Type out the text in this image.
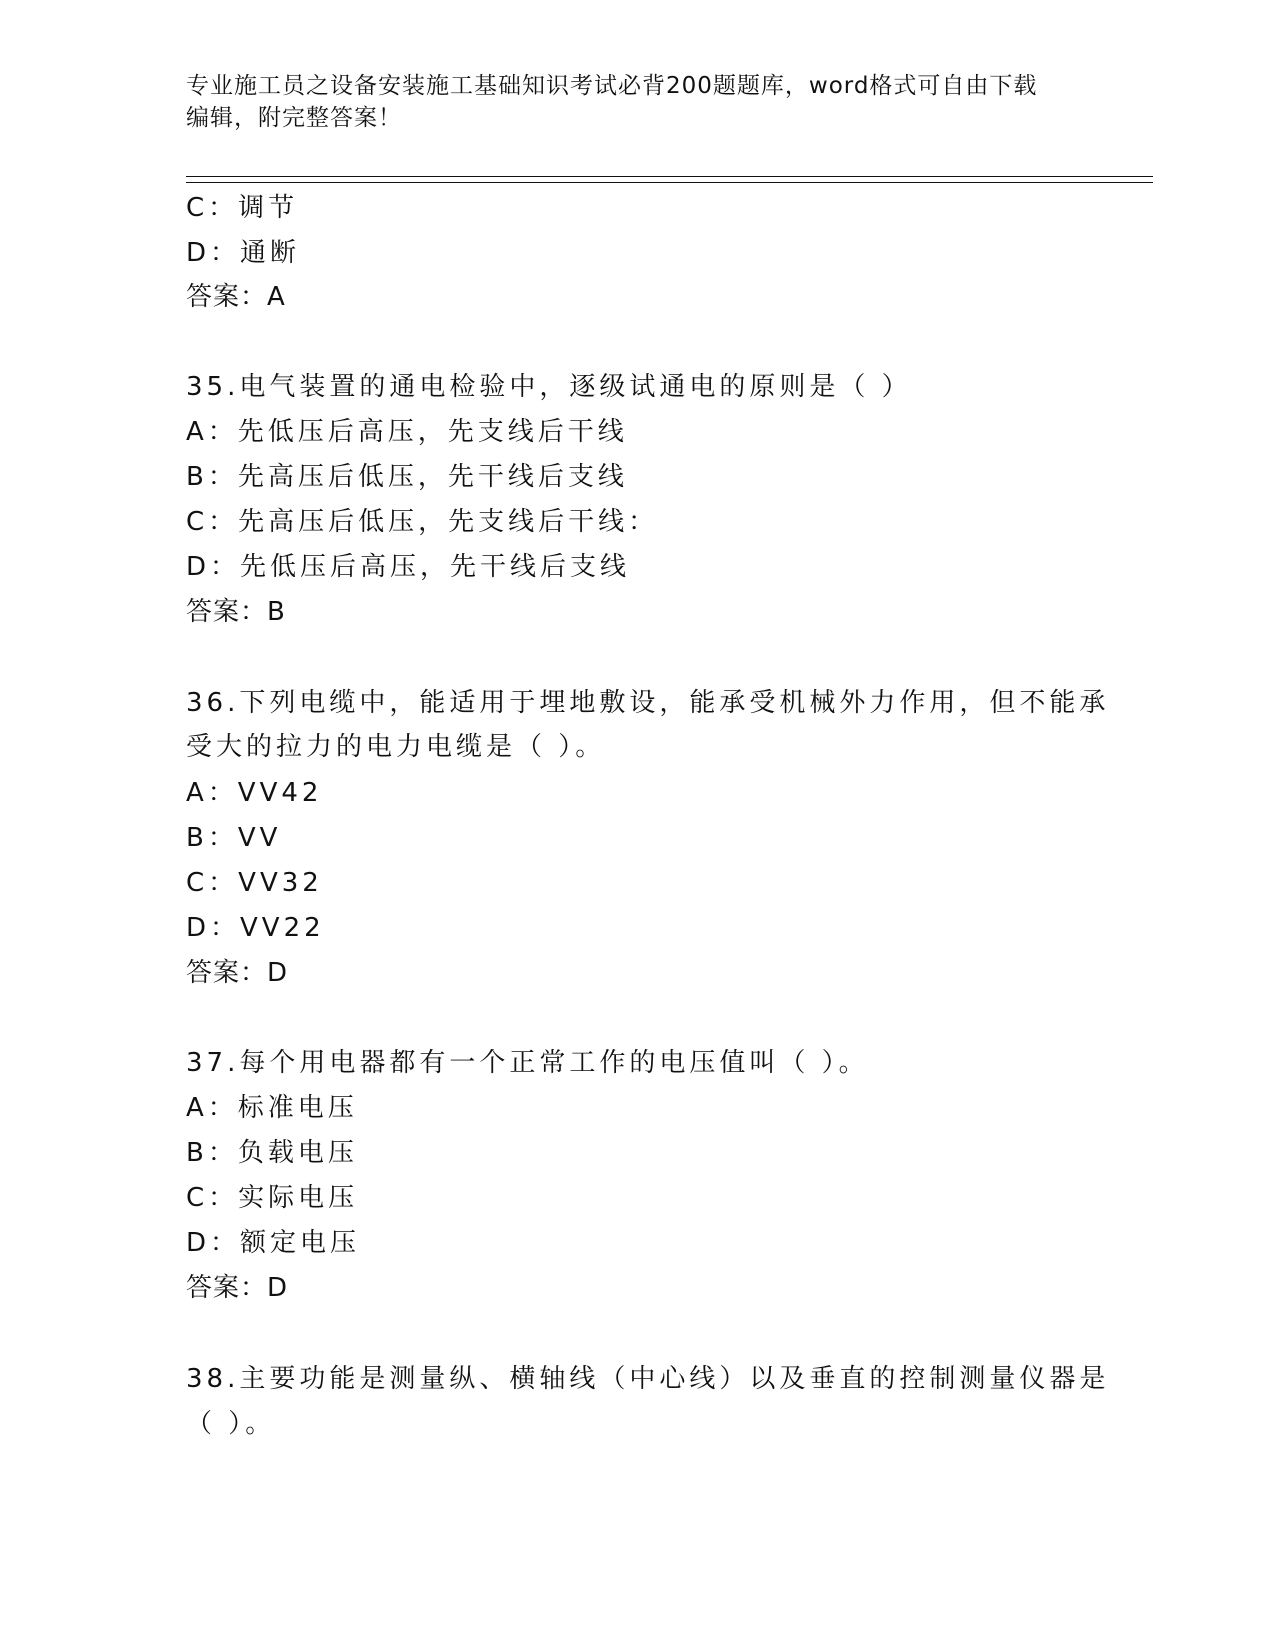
专业施工员之设备安装施工基础知识考试必背200题题库，word格式可自由下载
编辑，附完整答案！
C：调节
D：通断
答案：A
35.电气装置的通电检验中，逐级试通电的原则是（ ）
A：先低压后高压，先支线后干线
B：先高压后低压，先干线后支线
C：先高压后低压，先支线后干线：
D：先低压后高压，先干线后支线
答案：B
36.下列电缆中，能适用于埋地敷设，能承受机械外力作用，但不能承
受大的拉力的电力电缆是（ ）。
A：VV42
B：VV
C：VV32
D：VV22
答案：D
37.每个用电器都有一个正常工作的电压值叫（ ）。
A：标准电压
B：负载电压
C：实际电压
D：额定电压
答案：D
38.主要功能是测量纵、横轴线（中心线）以及垂直的控制测量仪器是
（ ）。
